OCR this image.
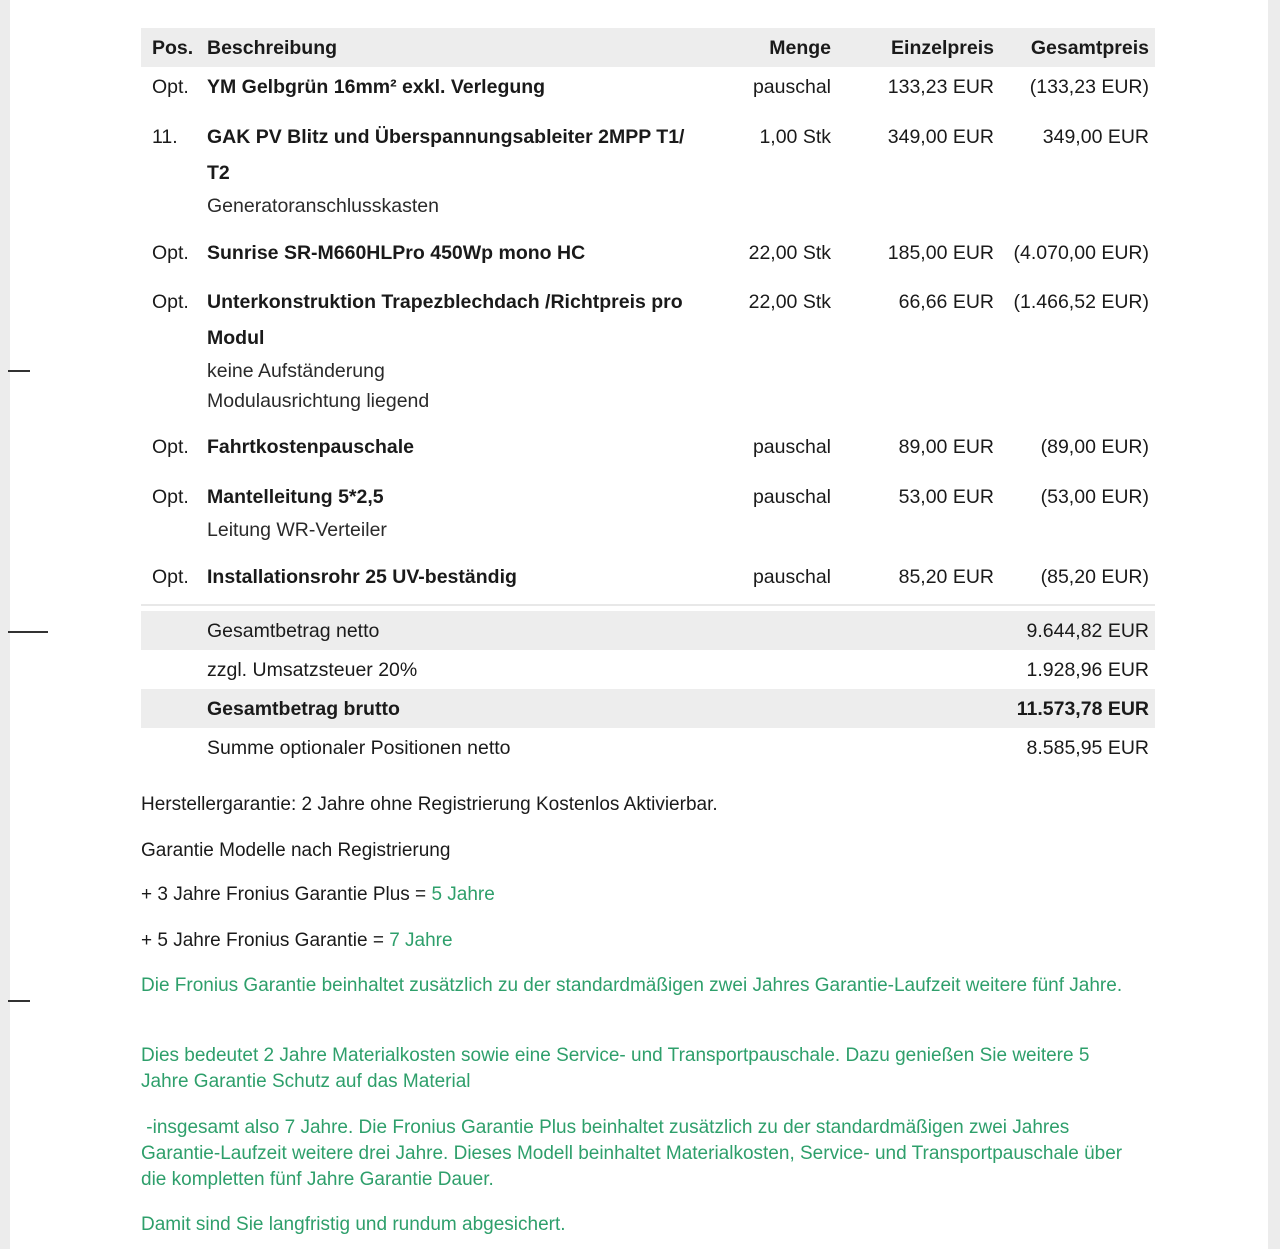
Pos. Beschreibung	Menge	Einzelpreis Gesamtpreis
Opt. YM Gelbgrün 16mm² exkl. Verlegung	pauschal	133,23 EUR (133,23 EUR)
11. GAK PV Blitz und Überspannungsableiter 2MPP T1/
T2
Generatoranschlusskasten
1,00 Stk	349,00 EUR	349,00 EUR
Opt. Sunrise SR-M660HLPro 450Wp mono HC	22,00 Stk	185,00 EUR (4.070,00 EUR)
Opt. Unterkonstruktion Trapezblechdach /Richtpreis pro
Modul
keine Aufständerung
Modulausrichtung liegend
22,00 Stk	66,66 EUR (1.466,52 EUR)
Opt. Fahrtkostenpauschale	pauschal	89,00 EUR (89,00 EUR)
Opt. Mantelleitung 5*2,5
Leitung WR-Verteiler
pauschal	53,00 EUR (53,00 EUR)
Opt. Installationsrohr 25 UV-beständig	pauschal	85,20 EUR (85,20 EUR)
Gesamtbetrag netto	9.644,82 EUR
zzgl. Umsatzsteuer 20%	1.928,96 EUR
Gesamtbetrag brutto	11.573,78 EUR
Summe optionaler Positionen netto	8.585,95 EUR
Herstellergarantie: 2 Jahre ohne Registrierung Kostenlos Aktivierbar.
Garantie Modelle nach Registrierung
+ 3 Jahre Fronius Garantie Plus = 5 Jahre
+ 5 Jahre Fronius Garantie = 7 Jahre
Die Fronius Garantie beinhaltet zusätzlich zu der standardmäßigen zwei Jahres Garantie-Laufzeit weitere fünf Jahre.
Dies bedeutet 2 Jahre Materialkosten sowie eine Service- und Transportpauschale. Dazu genießen Sie weitere 5 Jahre Garantie Schutz auf das Material
-insgesamt also 7 Jahre. Die Fronius Garantie Plus beinhaltet zusätzlich zu der standardmäßigen zwei Jahres Garantie-Laufzeit weitere drei Jahre. Dieses Modell beinhaltet Materialkosten, Service- und Transportpauschale über die kompletten fünf Jahre Garantie Dauer.
Damit sind Sie langfristig und rundum abgesichert.
